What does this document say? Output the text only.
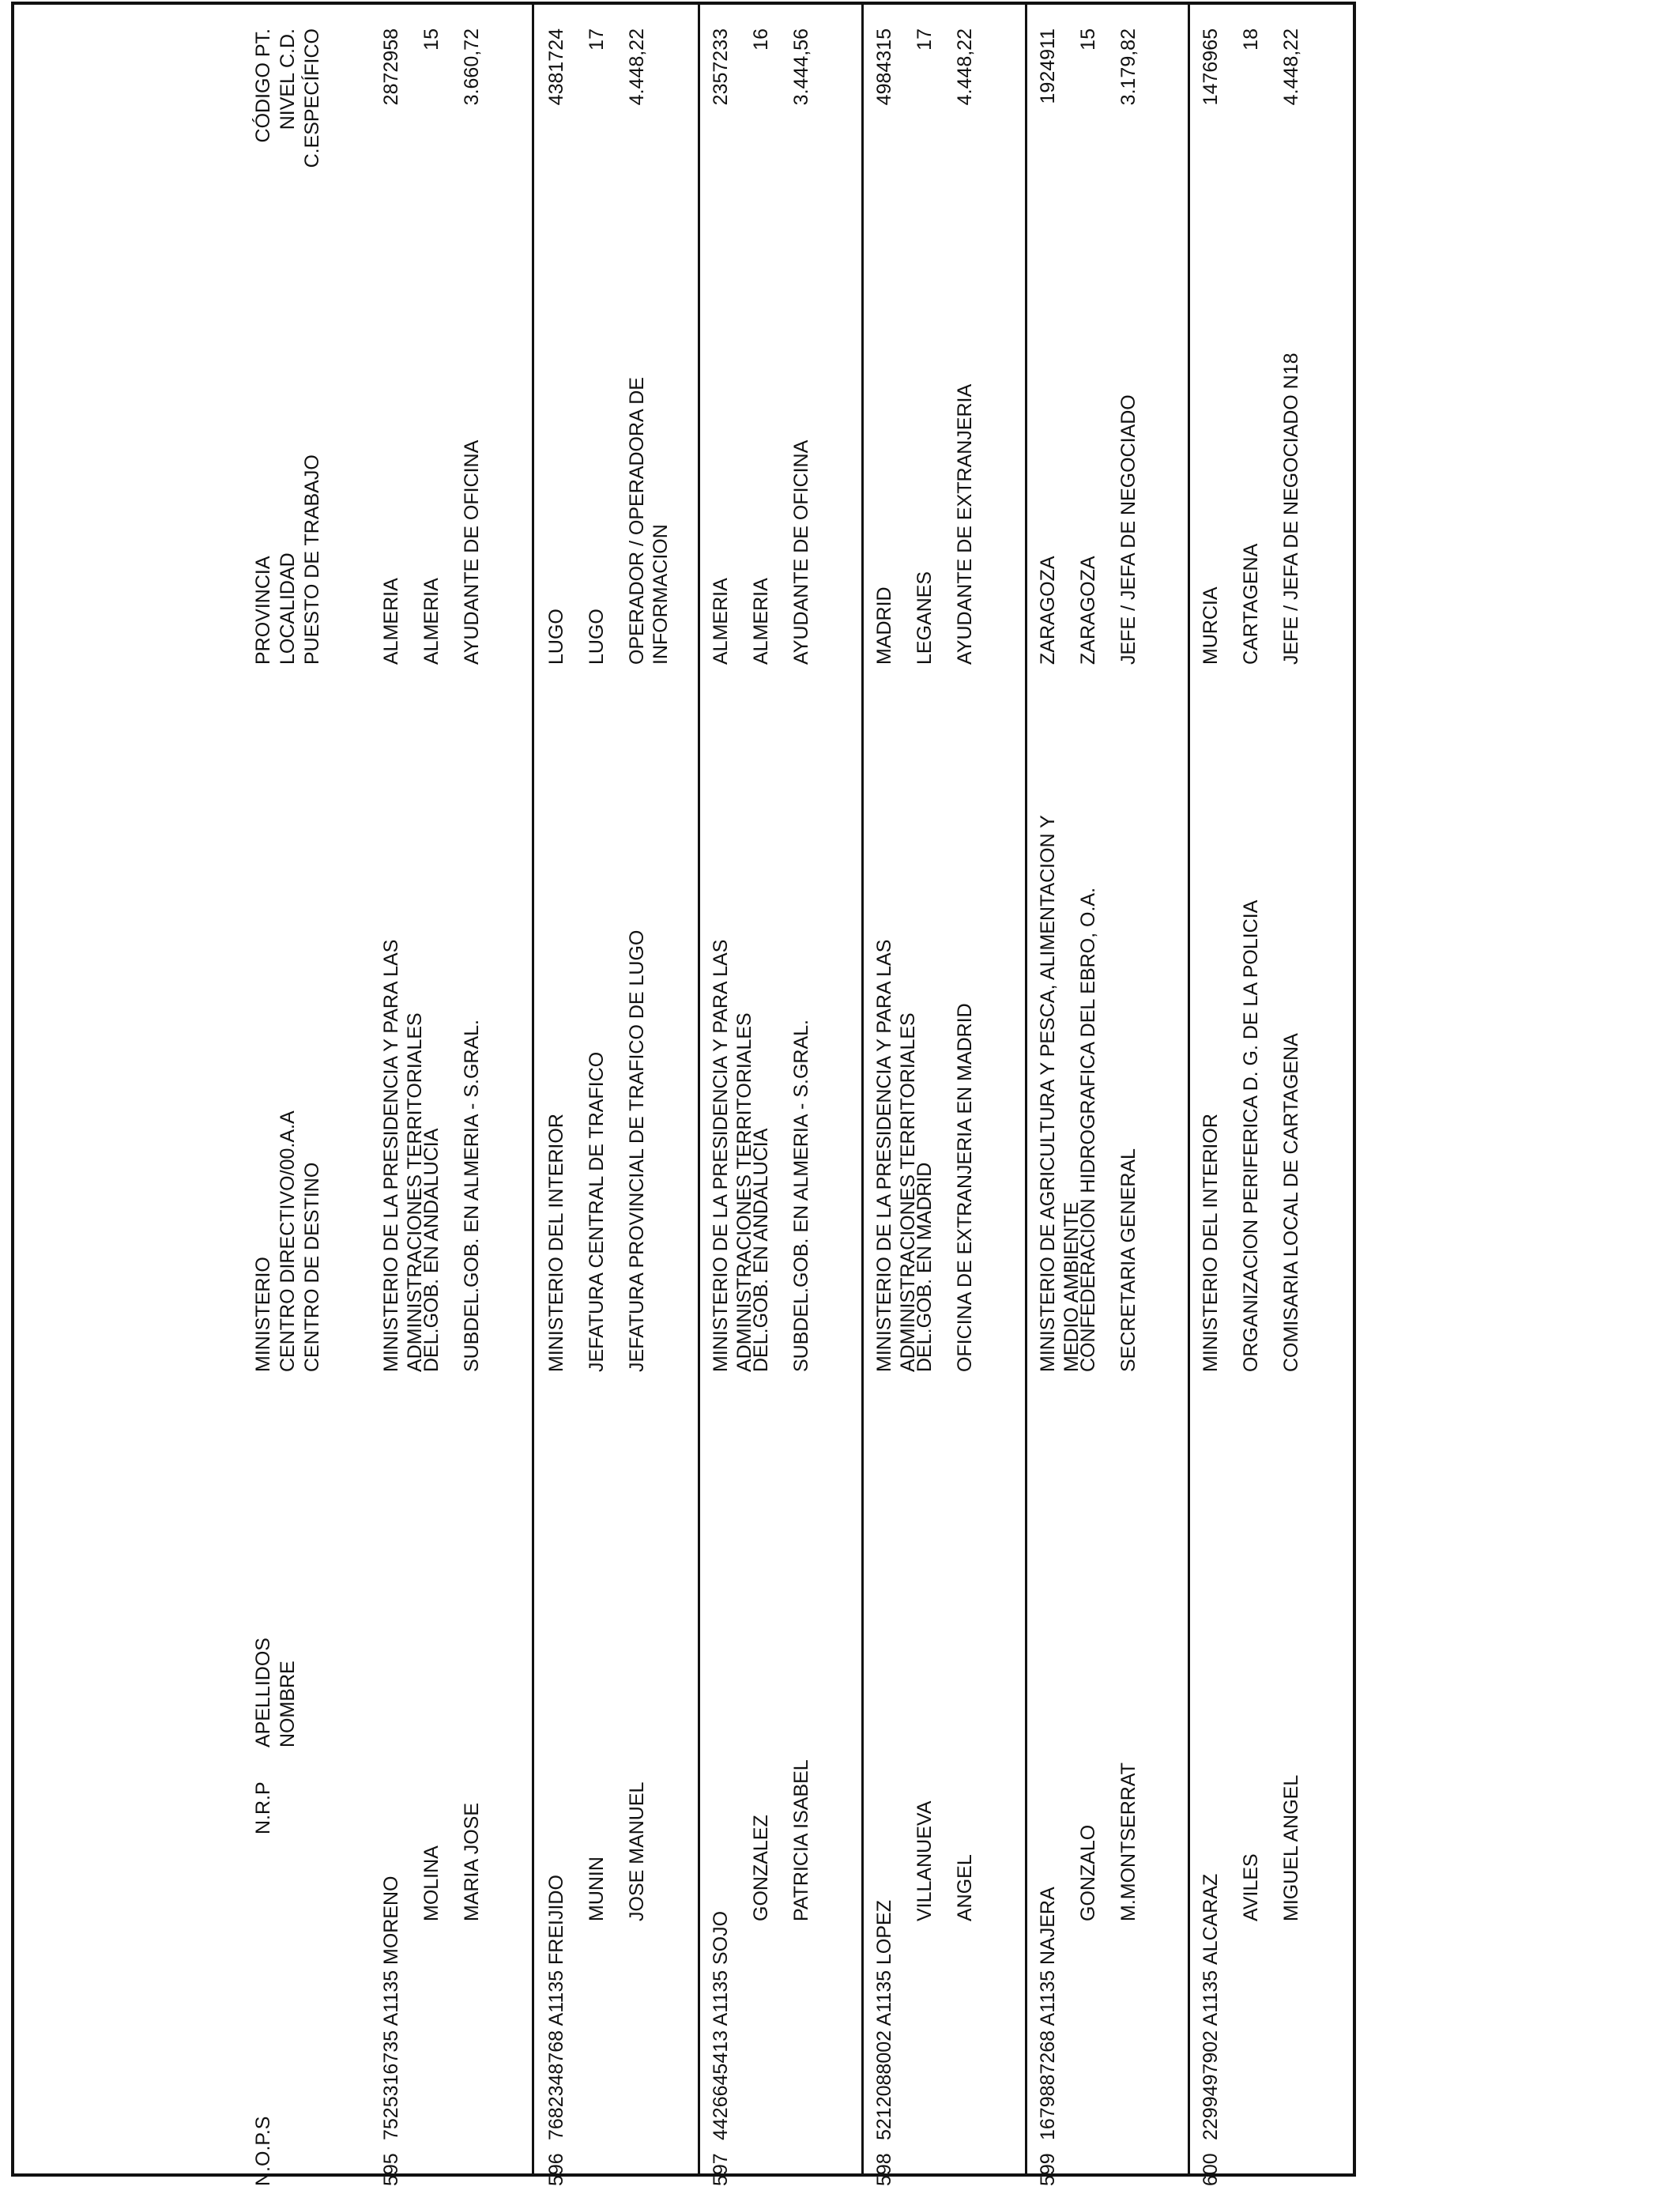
N.O.P.S
N.R.P
APELLIDOS NOMBRE
MINISTERIO CENTRO DIRECTIVO/00.A.A CENTRO DE DESTINO
PROVINCIA LOCALIDAD PUESTO DE TRABAJO
CÓDIGO PT. NIVEL C.D. C.ESPECÍFICO
595
7525316735 A1135
MORENO MOLINA MARIA JOSE
MINISTERIO DE LA PRESIDENCIA Y PARA LAS ADMINISTRACIONES TERRITORIALES
DEL.GOB. EN ANDALUCIA SUBDEL.GOB. EN ALMERIA - S.GRAL.
ALMERIA ALMERIA AYUDANTE DE OFICINA
2872958 15 3.660,72
596
7682348768 A1135
FREIJIDO MUNIN JOSE MANUEL
MINISTERIO DEL INTERIOR JEFATURA CENTRAL DE TRAFICO JEFATURA PROVINCIAL DE TRAFICO DE LUGO
LUGO LUGO OPERADOR / OPERADORA DE INFORMACION
4381724 17 4.448,22
597
4426645413 A1135
SOJO
GONZALEZ PATRICIA ISABEL
MINISTERIO DE LA PRESIDENCIA Y PARA LAS ADMINISTRACIONES TERRITORIALES
DEL.GOB. EN ANDALUCIA SUBDEL.GOB. EN ALMERIA - S.GRAL.
ALMERIA ALMERIA AYUDANTE DE OFICINA
2357233 16 3.444,56
598
5212088002 A1135
LOPEZ
VILLANUEVA ANGEL
MINISTERIO DE LA PRESIDENCIA Y PARA LAS ADMINISTRACIONES TERRITORIALES
DEL.GOB. EN MADRID OFICINA DE EXTRANJERIA EN MADRID
MADRID LEGANES AYUDANTE DE EXTRANJERIA
4984315 17 4.448,22
599
1679887268 A1135
NAJERA
GONZALO M.MONTSERRAT
MINISTERIO DE AGRICULTURA Y PESCA, ALIMENTACION Y MEDIO AMBIENTE
CONFEDERACION HIDROGRAFICA DEL EBRO, O.A. SECRETARIA GENERAL
ZARAGOZA ZARAGOZA JEFE / JEFA DE NEGOCIADO
1924911 15 3.179,82
600
2299497902 A1135
ALCARAZ AVILES MIGUEL ANGEL
MINISTERIO DEL INTERIOR ORGANIZACION PERIFERICA D. G. DE LA POLICIA COMISARIA LOCAL DE CARTAGENA
MURCIA CARTAGENA JEFE / JEFA DE NEGOCIADO N18
1476965 18 4.448,22
